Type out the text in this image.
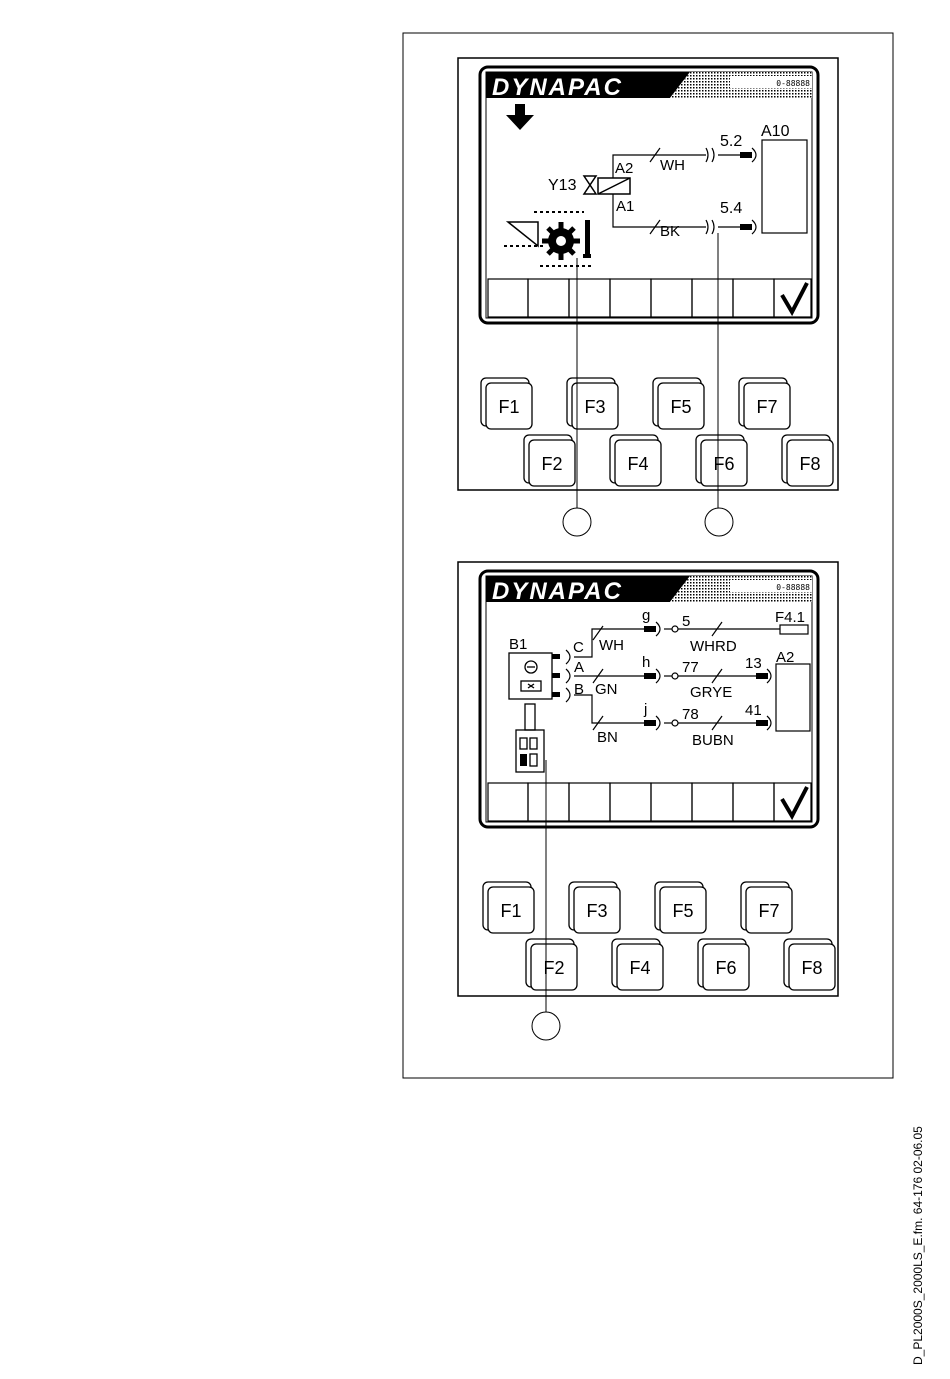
DYNAPAC	0-88888
Y13
A2
A1
WH
BK
5.2
5.4
A10
F1	F3	F5	F7
F2	F4	F6	F8
DYNAPAC	0-88888
B1	C
A
B
WH
GN
BN
g
h
j
5
77
78
WHRD
GRYE
BUBN
F4.1
A2
13
41
F1	F3	F5	F7
F2	F4	F6	F8
D_PL2000S_2000LS_E.fm. 64-176 02-06.05
